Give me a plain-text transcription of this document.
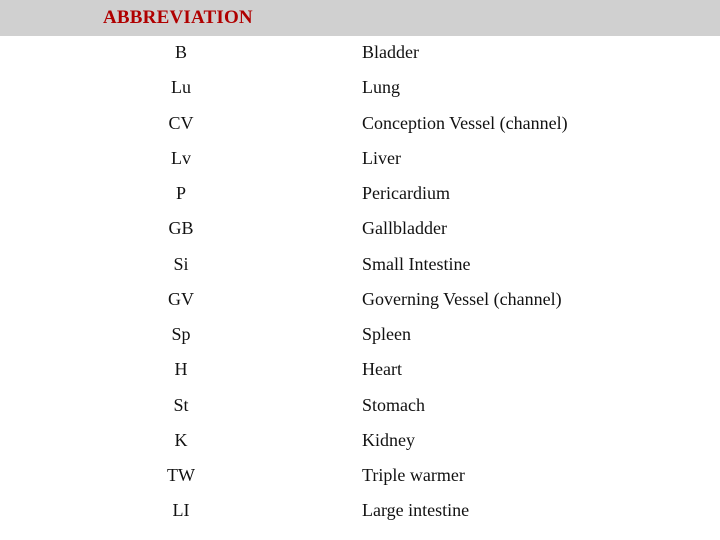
ABBREVIATION
B	Bladder
Lu	Lung
CV	Conception Vessel (channel)
Lv	Liver
P	Pericardium
GB	Gallbladder
Si	Small Intestine
GV	Governing Vessel (channel)
Sp	Spleen
H	Heart
St	Stomach
K	Kidney
TW	Triple warmer
LI	Large intestine
